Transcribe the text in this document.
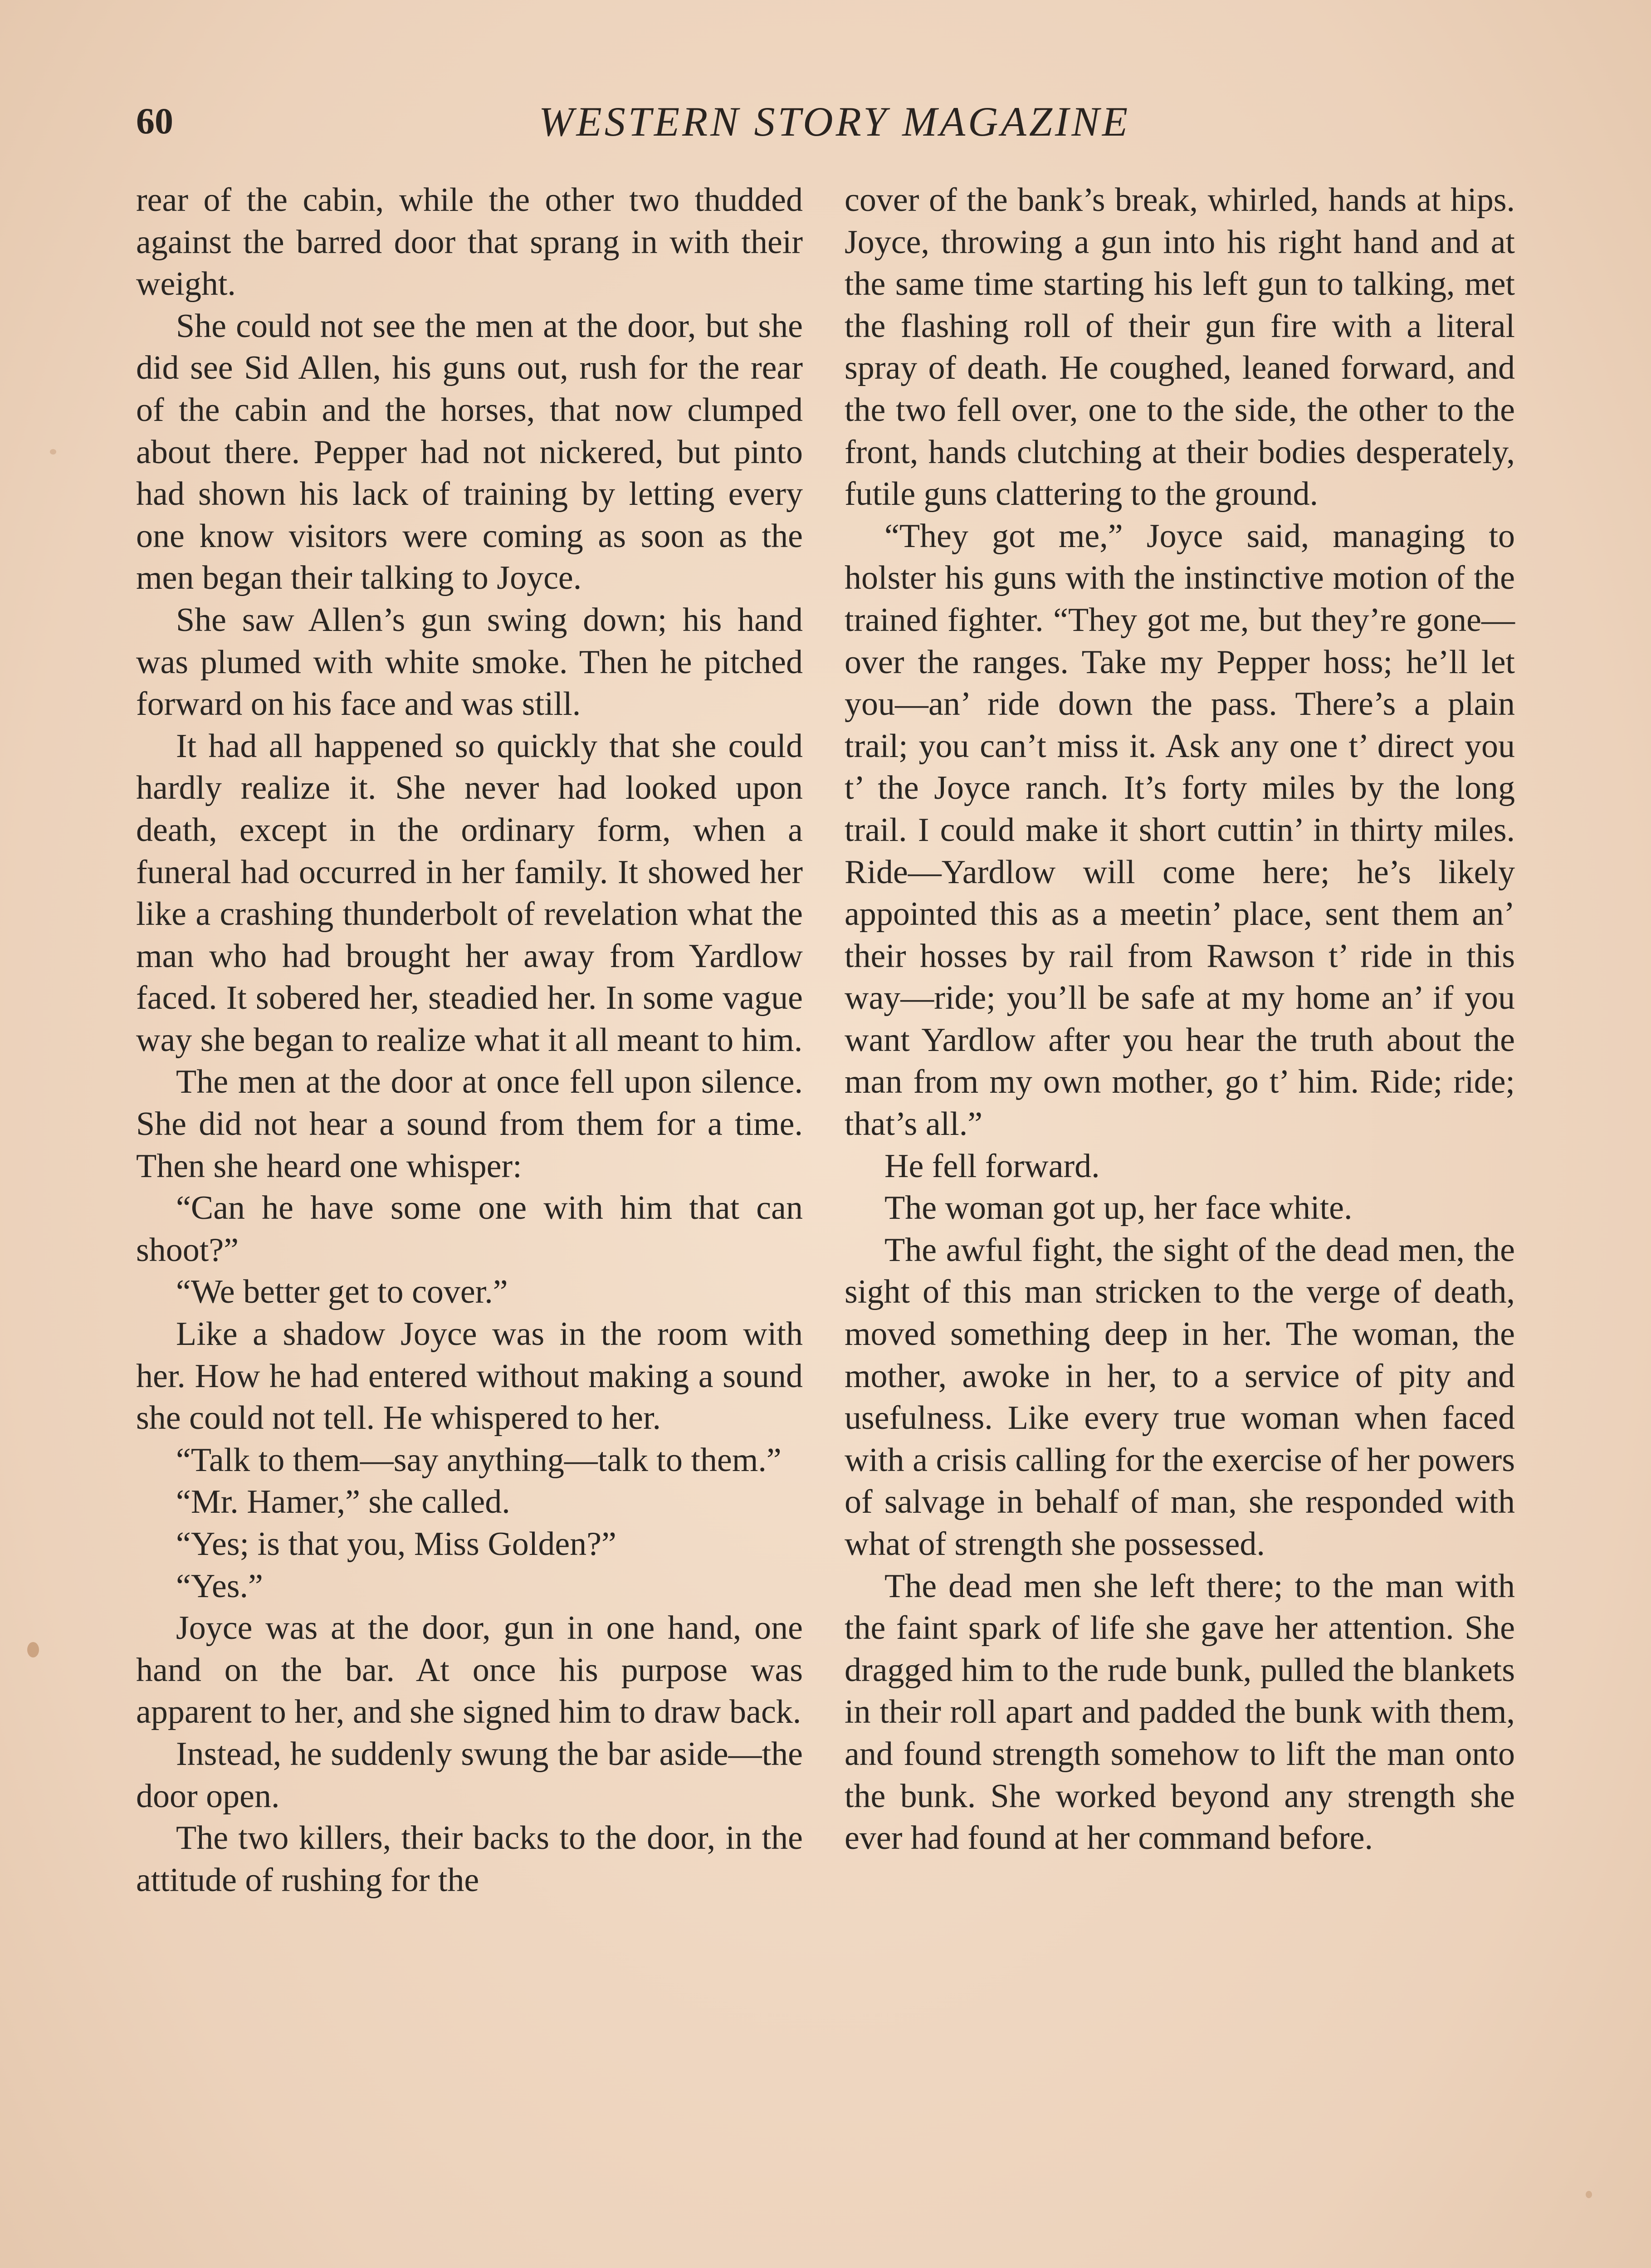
60	WESTERN STORY MAGAZINE

rear of the cabin, while the other two thudded against the barred door that sprang in with their weight.

She could not see the men at the door, but she did see Sid Allen, his guns out, rush for the rear of the cabin and the horses, that now clumped about there. Pepper had not nickered, but pinto had shown his lack of training by letting every one know visitors were coming as soon as the men began their talking to Joyce.

She saw Allen’s gun swing down; his hand was plumed with white smoke. Then he pitched forward on his face and was still.

It had all happened so quickly that she could hardly realize it. She never had looked upon death, except in the ordinary form, when a funeral had occurred in her family. It showed her like a crashing thunderbolt of revelation what the man who had brought her away from Yardlow faced. It sobered her, steadied her. In some vague way she began to realize what it all meant to him.

The men at the door at once fell upon silence. She did not hear a sound from them for a time. Then she heard one whisper:

“Can he have some one with him that can shoot?”

“We better get to cover.”

Like a shadow Joyce was in the room with her. How he had entered without making a sound she could not tell. He whispered to her.

“Talk to them—say anything—talk to them.”

“Mr. Hamer,” she called.

“Yes; is that you, Miss Golden?”

“Yes.”

Joyce was at the door, gun in one hand, one hand on the bar. At once his purpose was apparent to her, and she signed him to draw back.

Instead, he suddenly swung the bar aside—the door open.

The two killers, their backs to the door, in the attitude of rushing for the

cover of the bank’s break, whirled, hands at hips. Joyce, throwing a gun into his right hand and at the same time starting his left gun to talking, met the flashing roll of their gun fire with a literal spray of death. He coughed, leaned forward, and the two fell over, one to the side, the other to the front, hands clutching at their bodies desperately, futile guns clattering to the ground.

“They got me,” Joyce said, managing to holster his guns with the instinctive motion of the trained fighter. “They got me, but they’re gone—over the ranges. Take my Pepper hoss; he’ll let you—an’ ride down the pass. There’s a plain trail; you can’t miss it. Ask any one t’ direct you t’ the Joyce ranch. It’s forty miles by the long trail. I could make it short cuttin’ in thirty miles. Ride—Yardlow will come here; he’s likely appointed this as a meetin’ place, sent them an’ their hosses by rail from Rawson t’ ride in this way—ride; you’ll be safe at my home an’ if you want Yardlow after you hear the truth about the man from my own mother, go t’ him. Ride; ride; that’s all.”

He fell forward.

The woman got up, her face white.

The awful fight, the sight of the dead men, the sight of this man stricken to the verge of death, moved something deep in her. The woman, the mother, awoke in her, to a service of pity and usefulness. Like every true woman when faced with a crisis calling for the exercise of her powers of salvage in behalf of man, she responded with what of strength she possessed.

The dead men she left there; to the man with the faint spark of life she gave her attention. She dragged him to the rude bunk, pulled the blankets in their roll apart and padded the bunk with them, and found strength somehow to lift the man onto the bunk. She worked beyond any strength she ever had found at her command before.
